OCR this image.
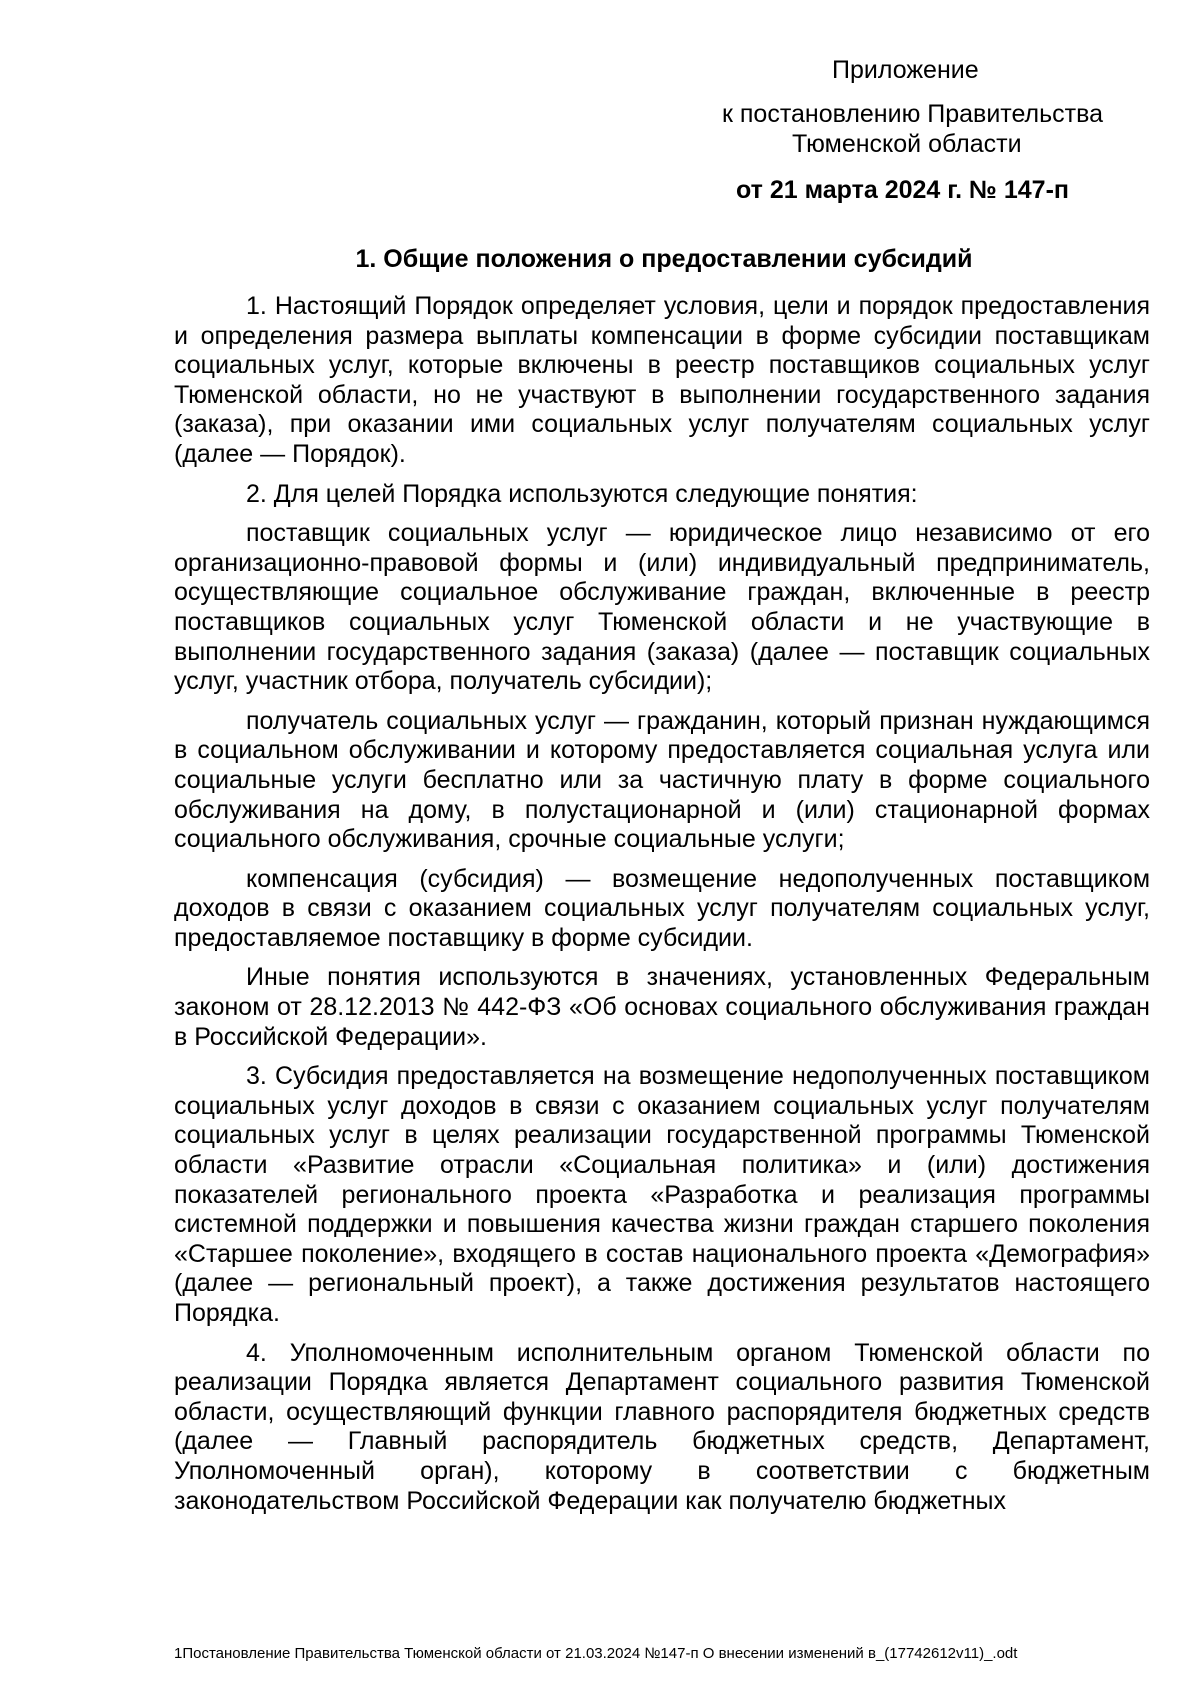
Приложение
к постановлению Правительства
Тюменской области
от 21 марта 2024 г. № 147-п
1. Общие положения о предоставлении субсидий

1. Настоящий Порядок определяет условия, цели и порядок предоставления и определения размера выплаты компенсации в форме субсидии поставщикам социальных услуг, которые включены в реестр поставщиков социальных услуг Тюменской области, но не участвуют в выполнении государственного задания (заказа), при оказании ими социальных услуг получателям социальных услуг (далее — Порядок).

2. Для целей Порядка используются следующие понятия:

поставщик социальных услуг — юридическое лицо независимо от его организационно-правовой формы и (или) индивидуальный предприниматель, осуществляющие социальное обслуживание граждан, включенные в реестр поставщиков социальных услуг Тюменской области и не участвующие в выполнении государственного задания (заказа) (далее — поставщик социальных услуг, участник отбора, получатель субсидии);

получатель социальных услуг — гражданин, который признан нуждающимся в социальном обслуживании и которому предоставляется социальная услуга или социальные услуги бесплатно или за частичную плату в форме социального обслуживания на дому, в полустационарной и (или) стационарной формах социального обслуживания, срочные социальные услуги;

компенсация (субсидия) — возмещение недополученных поставщиком доходов в связи с оказанием социальных услуг получателям социальных услуг, предоставляемое поставщику в форме субсидии.

Иные понятия используются в значениях, установленных Федеральным законом от 28.12.2013 № 442-ФЗ «Об основах социального обслуживания граждан в Российской Федерации».

3. Субсидия предоставляется на возмещение недополученных поставщиком социальных услуг доходов в связи с оказанием социальных услуг получателям социальных услуг в целях реализации государственной программы Тюменской области «Развитие отрасли «Социальная политика» и (или) достижения показателей регионального проекта «Разработка и реализация программы системной поддержки и повышения качества жизни граждан старшего поколения «Старшее поколение», входящего в состав национального проекта «Демография» (далее — региональный проект), а также достижения результатов настоящего Порядка.

4. Уполномоченным исполнительным органом Тюменской области по реализации Порядка является Департамент социального развития Тюменской области, осуществляющий функции главного распорядителя бюджетных средств (далее — Главный распорядитель бюджетных средств, Департамент, Уполномоченный орган), которому в соответствии с бюджетным законодательством Российской Федерации как получателю бюджетных

1Постановление Правительства Тюменской области от 21.03.2024 №147-п О внесении изменений в_(17742612v11)_.odt
